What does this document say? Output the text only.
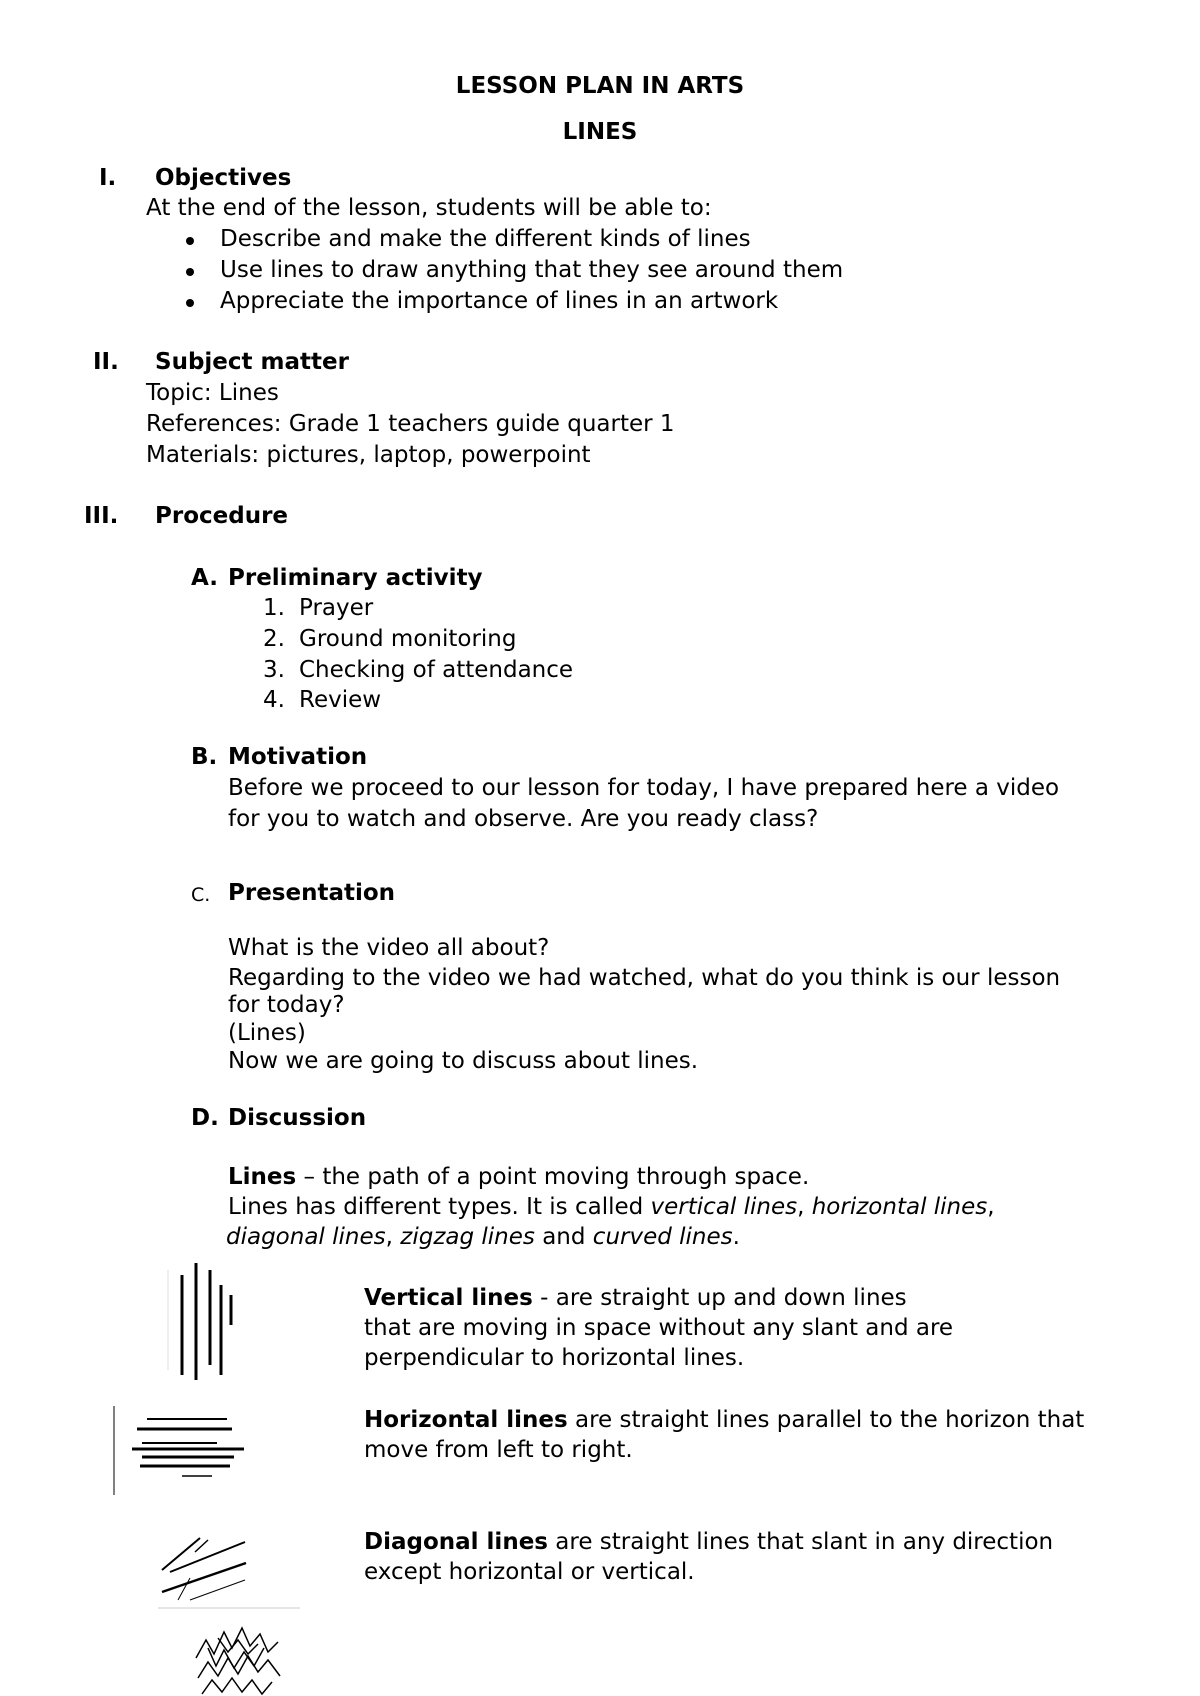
LESSON PLAN IN ARTS
LINES
I. Objectives
At the end of the lesson, students will be able to:
Describe and make the different kinds of lines
Use lines to draw anything that they see around them
Appreciate the importance of lines in an artwork
II. Subject matter
Topic: Lines
References: Grade 1 teachers guide quarter 1
Materials: pictures, laptop, powerpoint
III. Procedure
A. Preliminary activity
1. Prayer
2. Ground monitoring
3. Checking of attendance
4. Review
B. Motivation
Before we proceed to our lesson for today, I have prepared here a video
for you to watch and observe. Are you ready class?
C. Presentation
What is the video all about?
Regarding to the video we had watched, what do you think is our lesson
for today?
(Lines)
Now we are going to discuss about lines.
D. Discussion
Lines – the path of a point moving through space.
Lines has different types. It is called vertical lines, horizontal lines,
diagonal lines, zigzag lines and curved lines.
Vertical lines - are straight up and down lines
that are moving in space without any slant and are
perpendicular to horizontal lines.
Horizontal lines are straight lines parallel to the horizon that
move from left to right.
Diagonal lines are straight lines that slant in any direction
except horizontal or vertical.
